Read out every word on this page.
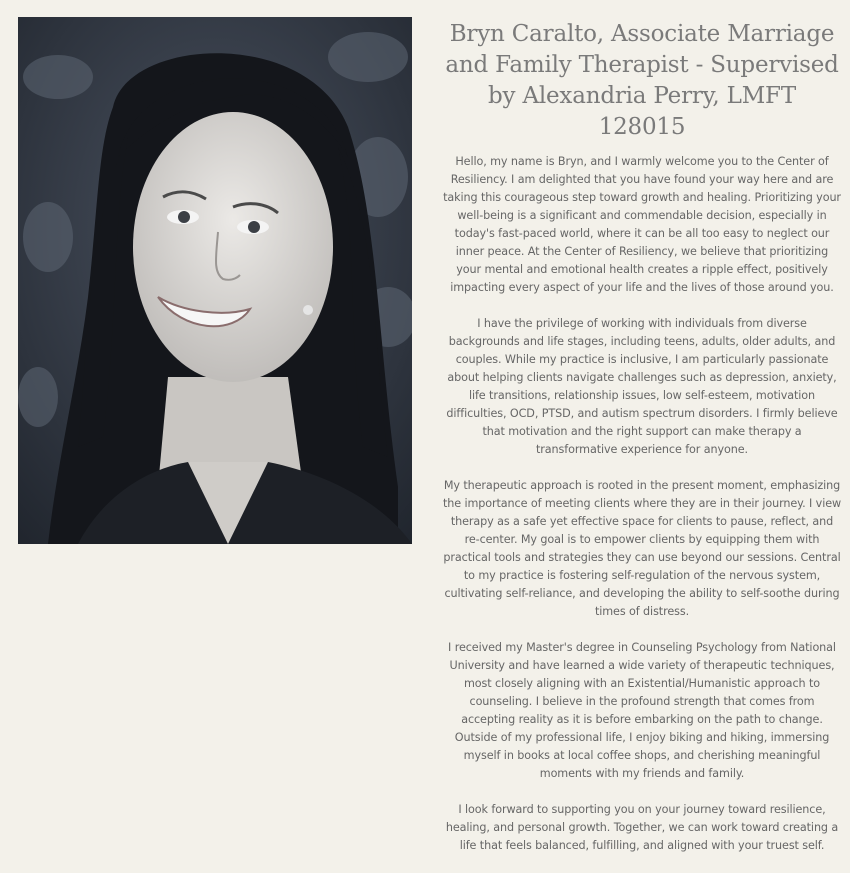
Bryn Caralto, Associate Marriage and Family Therapist - Supervised by Alexandria Perry, LMFT 128015

Hello, my name is Bryn, and I warmly welcome you to the Center of Resiliency. I am delighted that you have found your way here and are taking this courageous step toward growth and healing. Prioritizing your well-being is a significant and commendable decision, especially in today's fast-paced world, where it can be all too easy to neglect our inner peace. At the Center of Resiliency, we believe that prioritizing your mental and emotional health creates a ripple effect, positively impacting every aspect of your life and the lives of those around you.

I have the privilege of working with individuals from diverse backgrounds and life stages, including teens, adults, older adults, and couples. While my practice is inclusive, I am particularly passionate about helping clients navigate challenges such as depression, anxiety, life transitions, relationship issues, low self-esteem, motivation difficulties, OCD, PTSD, and autism spectrum disorders. I firmly believe that motivation and the right support can make therapy a transformative experience for anyone.

My therapeutic approach is rooted in the present moment, emphasizing the importance of meeting clients where they are in their journey. I view therapy as a safe yet effective space for clients to pause, reflect, and re-center. My goal is to empower clients by equipping them with practical tools and strategies they can use beyond our sessions. Central to my practice is fostering self-regulation of the nervous system, cultivating self-reliance, and developing the ability to self-soothe during times of distress.

I received my Master's degree in Counseling Psychology from National University and have learned a wide variety of therapeutic techniques, most closely aligning with an Existential/Humanistic approach to counseling. I believe in the profound strength that comes from accepting reality as it is before embarking on the path to change. Outside of my professional life, I enjoy biking and hiking, immersing myself in books at local coffee shops, and cherishing meaningful moments with my friends and family.

I look forward to supporting you on your journey toward resilience, healing, and personal growth. Together, we can work toward creating a life that feels balanced, fulfilling, and aligned with your truest self.
